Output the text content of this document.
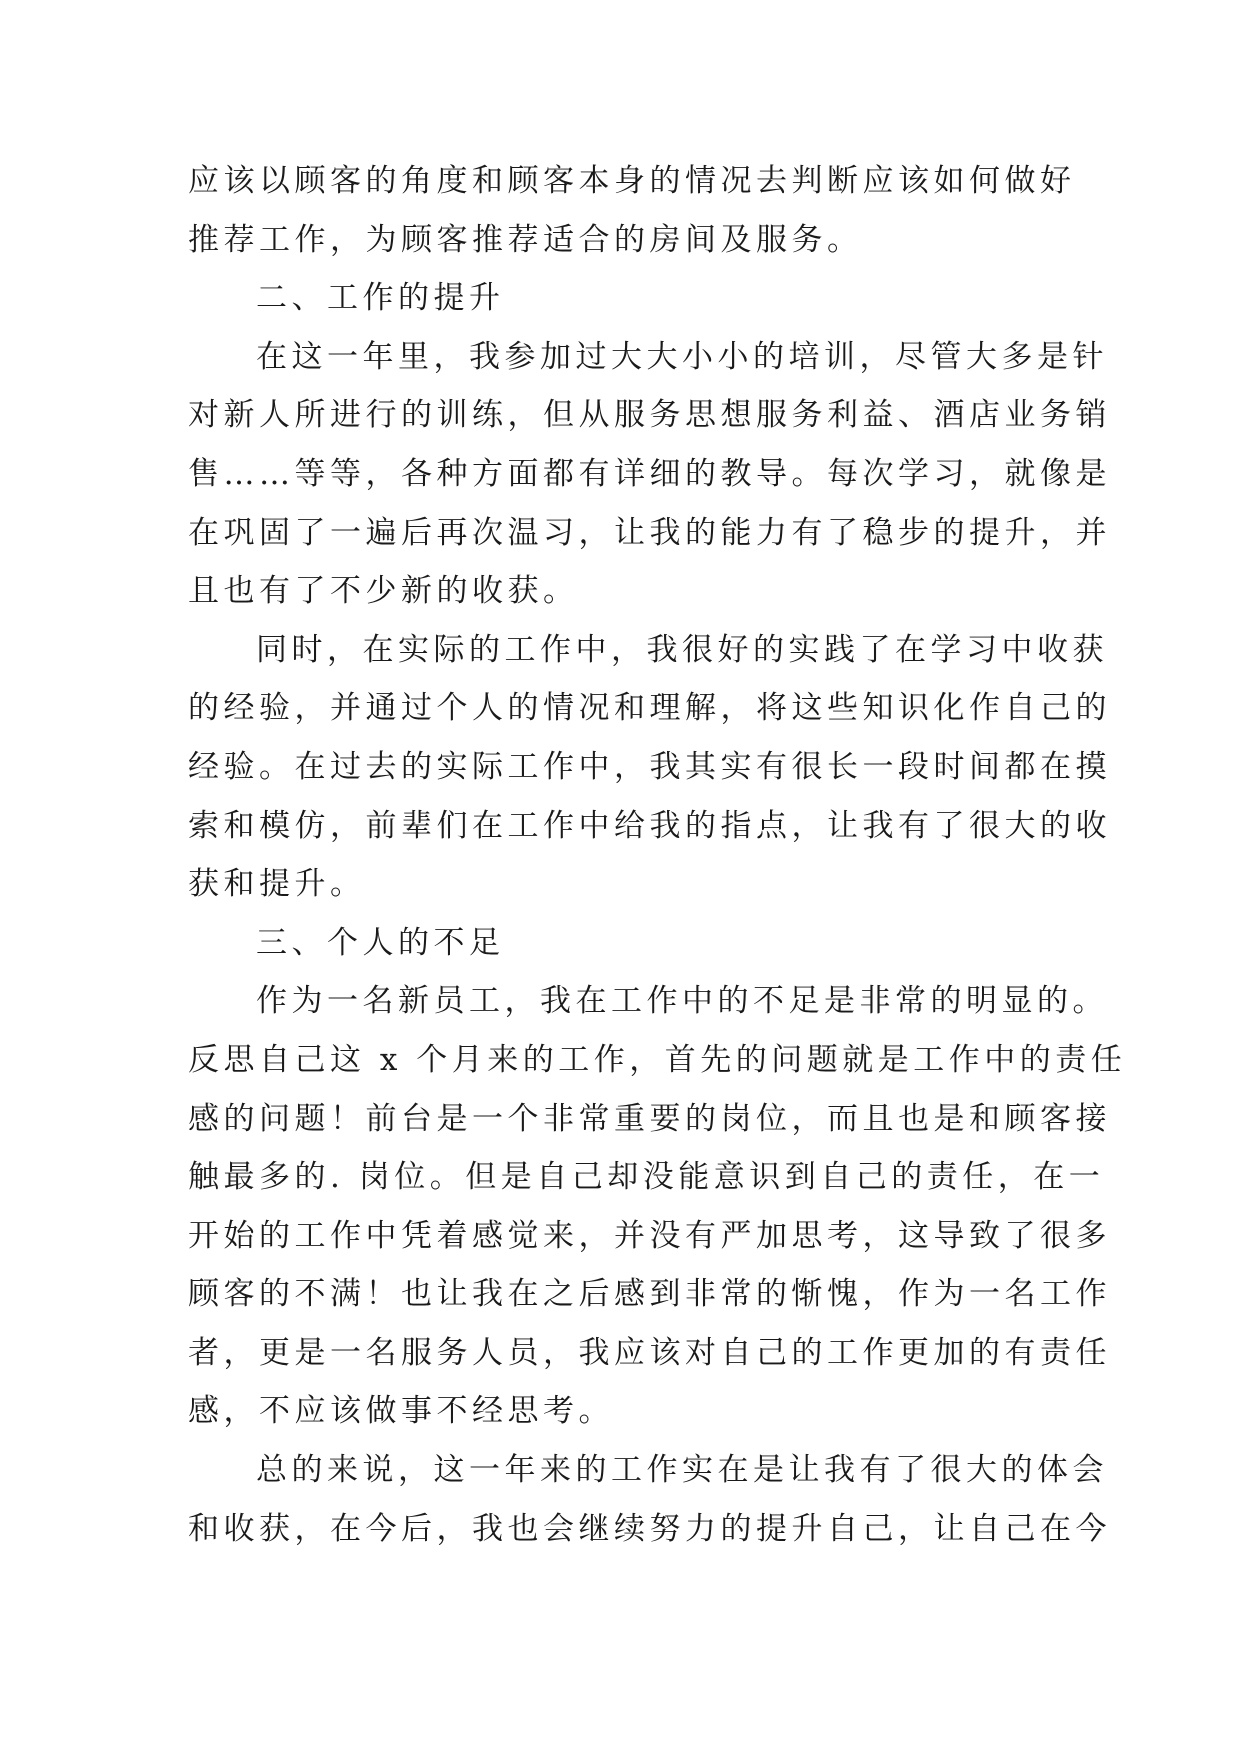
应该以顾客的角度和顾客本身的情况去判断应该如何做好
推荐工作，为顾客推荐适合的房间及服务。
二、工作的提升
在这一年里，我参加过大大小小的培训，尽管大多是针
对新人所进行的训练，但从服务思想服务利益、酒店业务销
售……等等，各种方面都有详细的教导。每次学习，就像是
在巩固了一遍后再次温习，让我的能力有了稳步的提升，并
且也有了不少新的收获。
同时，在实际的工作中，我很好的实践了在学习中收获
的经验，并通过个人的情况和理解，将这些知识化作自己的
经验。在过去的实际工作中，我其实有很长一段时间都在摸
索和模仿，前辈们在工作中给我的指点，让我有了很大的收
获和提升。
三、个人的不足
作为一名新员工，我在工作中的不足是非常的明显的。
反思自己这 x 个月来的工作，首先的问题就是工作中的责任
感的问题！前台是一个非常重要的岗位，而且也是和顾客接
触最多的. 岗位。但是自己却没能意识到自己的责任，在一
开始的工作中凭着感觉来，并没有严加思考，这导致了很多
顾客的不满！也让我在之后感到非常的惭愧，作为一名工作
者，更是一名服务人员，我应该对自己的工作更加的有责任
感，不应该做事不经思考。
总的来说，这一年来的工作实在是让我有了很大的体会
和收获，在今后，我也会继续努力的提升自己，让自己在今
